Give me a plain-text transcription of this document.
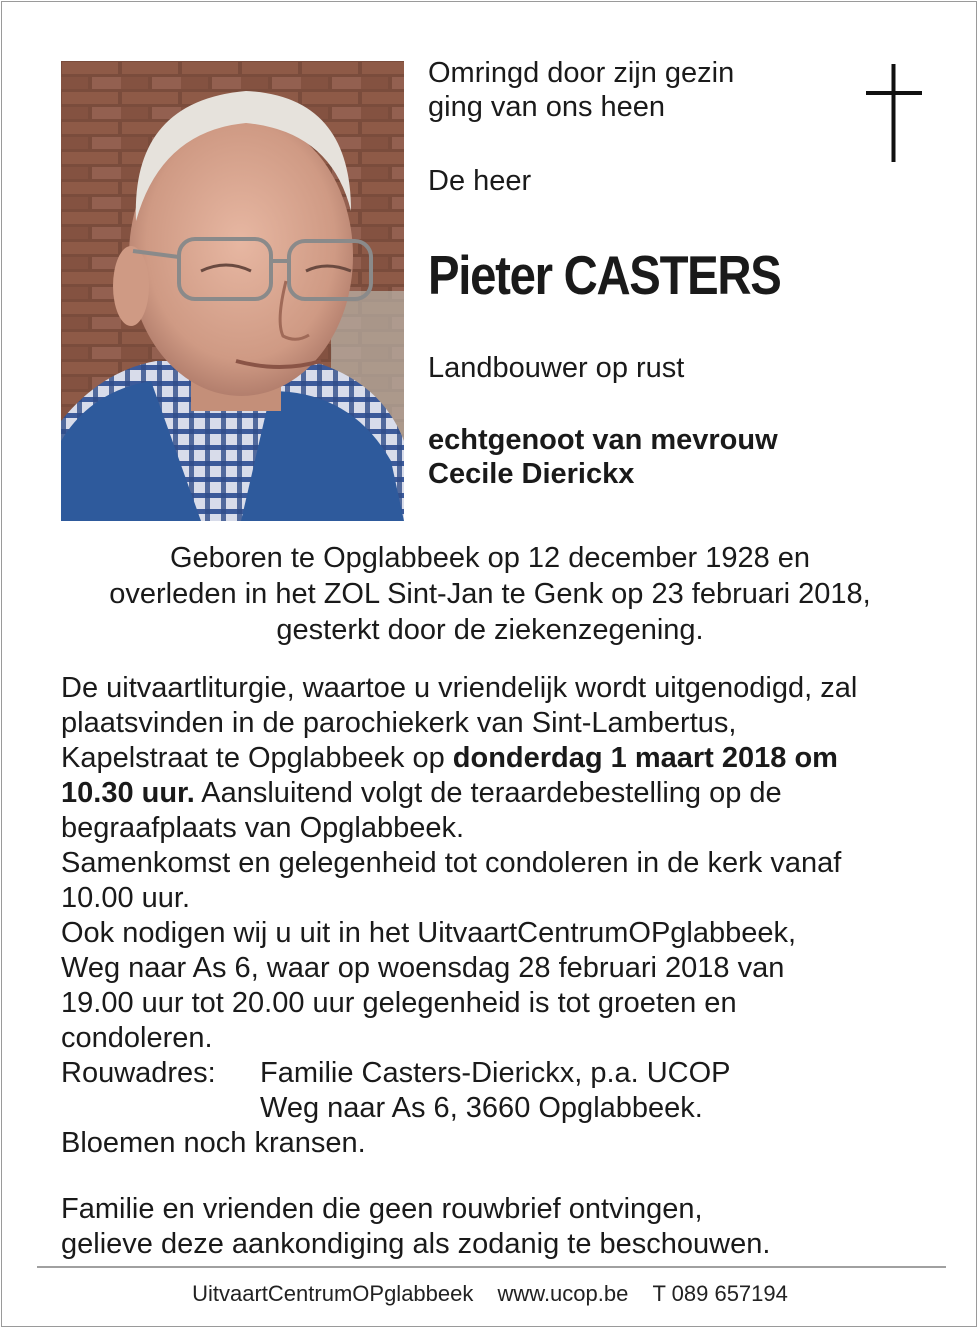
Omringd door zijn gezin
ging van ons heen
De heer
Pieter CASTERS
Landbouwer op rust
echtgenoot van mevrouw
Cecile Dierickx
Geboren te Opglabbeek op 12 december 1928 en
overleden in het ZOL Sint-Jan te Genk op 23 februari 2018,
gesterkt door de ziekenzegening.

De uitvaartliturgie, waartoe u vriendelijk wordt uitgenodigd, zal

plaatsvinden in de parochiekerk van Sint-Lambertus,

Kapelstraat te Opglabbeek op donderdag 1 maart 2018 om

10.30 uur. Aansluitend volgt de teraardebestelling op de

begraafplaats van Opglabbeek.

Samenkomst en gelegenheid tot condoleren in de kerk vanaf

10.00 uur.

Ook nodigen wij u uit in het UitvaartCentrumOPglabbeek,

Weg naar As 6, waar op woensdag 28 februari 2018 van

19.00 uur tot 20.00 uur gelegenheid is tot groeten en

condoleren.

Rouwadres:	Familie Casters-Dierickx, p.a. UCOP
Weg naar As 6, 3660 Opglabbeek.

Bloemen noch kransen.

Familie en vrienden die geen rouwbrief ontvingen,

gelieve deze aankondiging als zodanig te beschouwen.

UitvaartCentrumOPglabbeek www.ucop.be T 089 657194
